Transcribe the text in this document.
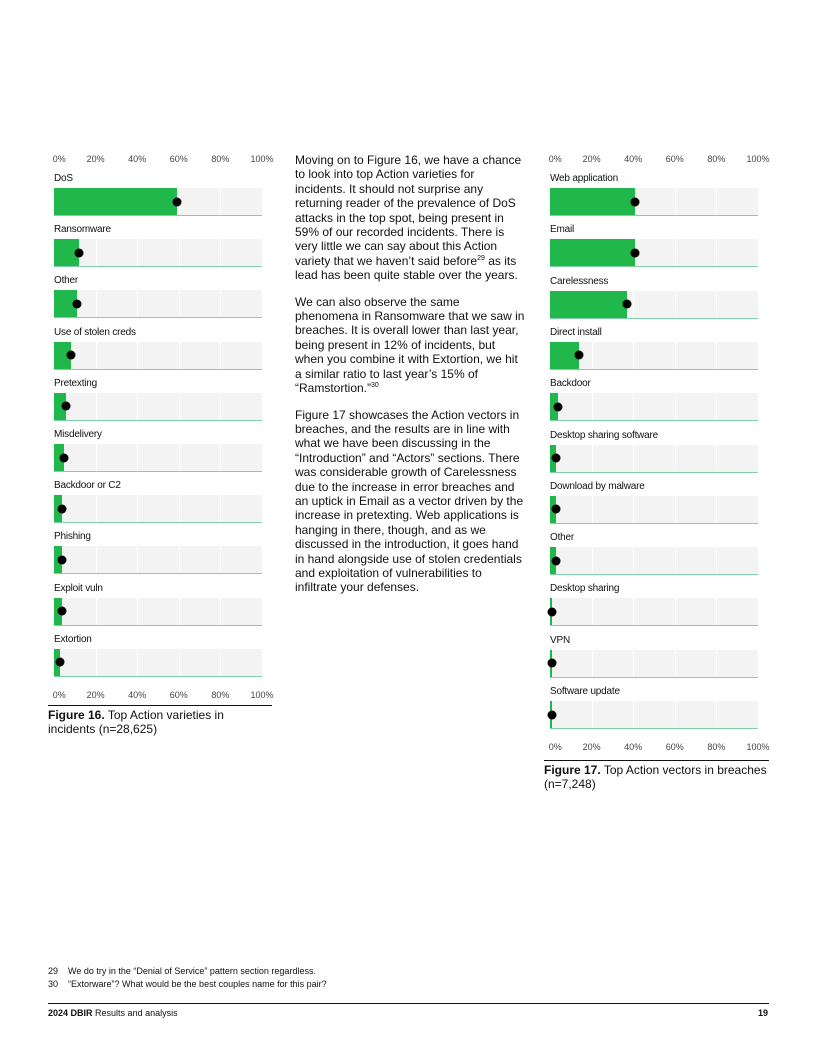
0% 20%	40%	60%	80% 100%
DoS
Ransomware
Other
Use of stolen creds
Pretexting
Misdelivery
Backdoor or C2
Phishing
Exploit vuln
Extortion
0% 20%	40%	60%	80% 100%
Figure 16. Top Action varieties in incidents (n=28,625)

Moving on to Figure 16, we have a chance to look into top Action varieties for incidents. It should not surprise any returning reader of the prevalence of DoS attacks in the top spot, being present in 59% of our recorded incidents. There is very little we can say about this Action variety that we haven’t said before$^{29}$ as its lead has been quite stable over the years.

We can also observe the same phenomena in Ransomware that we saw in breaches. It is overall lower than last year, being present in 12% of incidents, but when you combine it with Extortion, we hit a similar ratio to last year’s 15% of “Ramstortion.”$^{30}$

Figure 17 showcases the Action vectors in breaches, and the results are in line with what we have been discussing in the “Introduction” and “Actors” sections. There was considerable growth of Carelessness due to the increase in error breaches and an uptick in Email as a vector driven by the increase in pretexting. Web applications is hanging in there, though, and as we discussed in the introduction, it goes hand in hand alongside use of stolen credentials and exploitation of vulnerabilities to infiltrate your defenses.

0% 20%	40%	60%	80% 100%
Web application
Email
Carelessness
Direct install
Backdoor
Desktop sharing software
Download by malware
Other
Desktop sharing
VPN
Software update
0% 20%	40%	60%	80% 100%
Figure 17. Top Action vectors in breaches (n=7,248)
29 We do try in the “Denial of Service” pattern section regardless.
30 “Extorware”? What would be the best couples name for this pair?
2024 DBIR Results and analysis	19
